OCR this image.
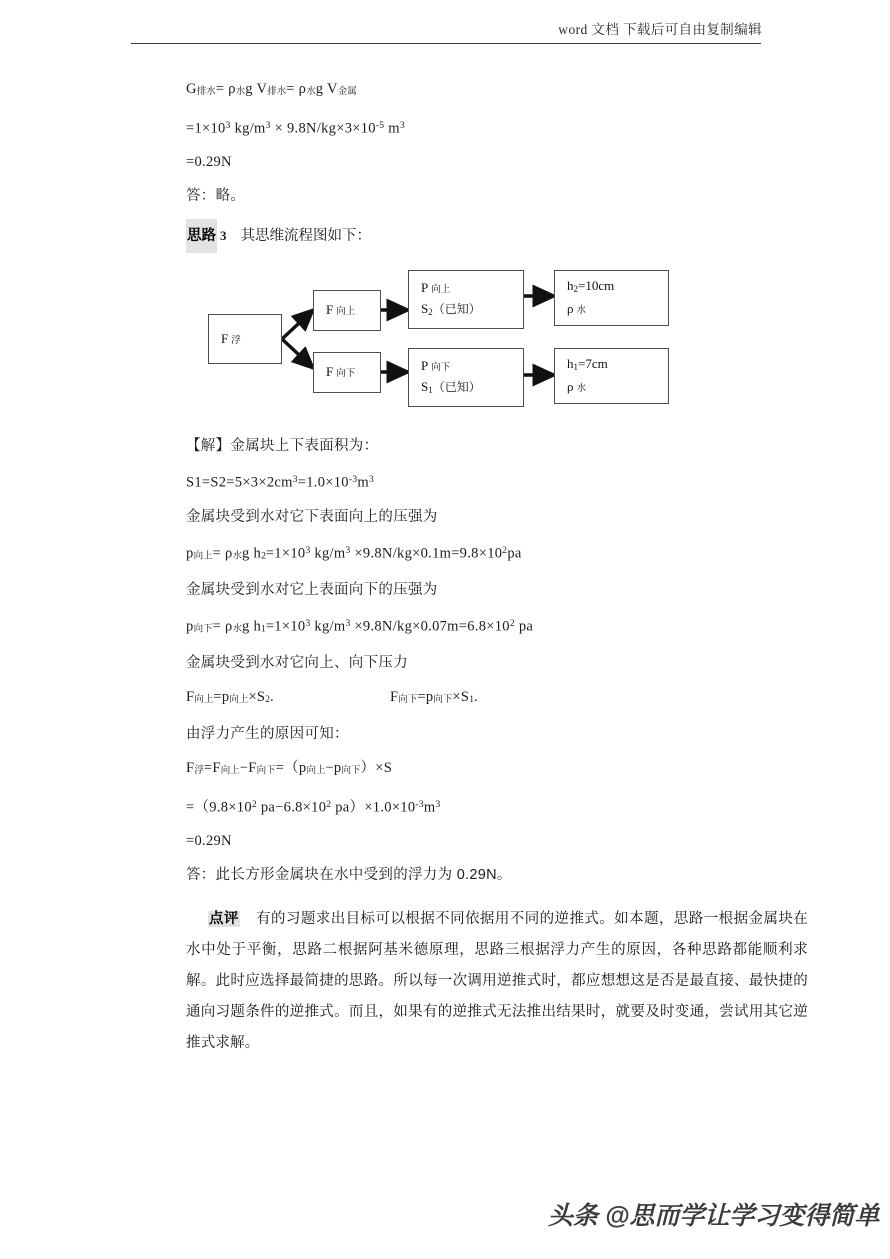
word 文档 下载后可自由复制编辑
G排水= ρ水g V排水= ρ水g V金属
$=1\times 10^3$ $kg/m^3 \times 9.8N/kg\times 3\times 10^{-5}$ $m^3$
=0.29N
答：略。
思路 3 其思维流程图如下：
F 浮
F 向上
F 向下
P 向上
S2（已知）
P 向下
S1（已知）
h2=10cm
ρ 水
h1=7cm
ρ 水
【解】金属块上下表面积为：
$S1=S2=5\times 3\times 2cm^3=1.0\times 10^{-3}m^3$
金属块受到水对它下表面向上的压强为
p向上= ρ水g $h2=1\times 10^3$ $kg/m^3 \times 9.8N/kg\times 0.1m=9.8\times 10^2pa$
金属块受到水对它上表面向下的压强为
p向下= ρ水g $h1=1\times 10^3$ $kg/m^3 \times 9.8N/kg\times 0.07m=6.8\times 10^2$ pa
金属块受到水对它向上、向下压力
F向上=p向上×S2.	F向下=p向下×S1.
由浮力产生的原因可知：
F浮=F向上−F向下=（p向上−p向下）×S
$=(9.8\times 10^2$ $pa-6.8\times 10^2$ $pa)\times 1.0\times 10^{-3}m^3$
=0.29N
答：此长方形金属块在水中受到的浮力为 0.29N。
点评 有的习题求出目标可以根据不同依据用不同的逆推式。如本题，思路一根据金属块在水中处于平衡，思路二根据阿基米德原理，思路三根据浮力产生的原因，各种思路都能顺利求解。此时应选择最简捷的思路。所以每一次调用逆推式时，都应想想这是否是最直接、最快捷的通向习题条件的逆推式。而且，如果有的逆推式无法推出结果时，就要及时变通，尝试用其它逆推式求解。
头条 @思而学让学习变得简单
